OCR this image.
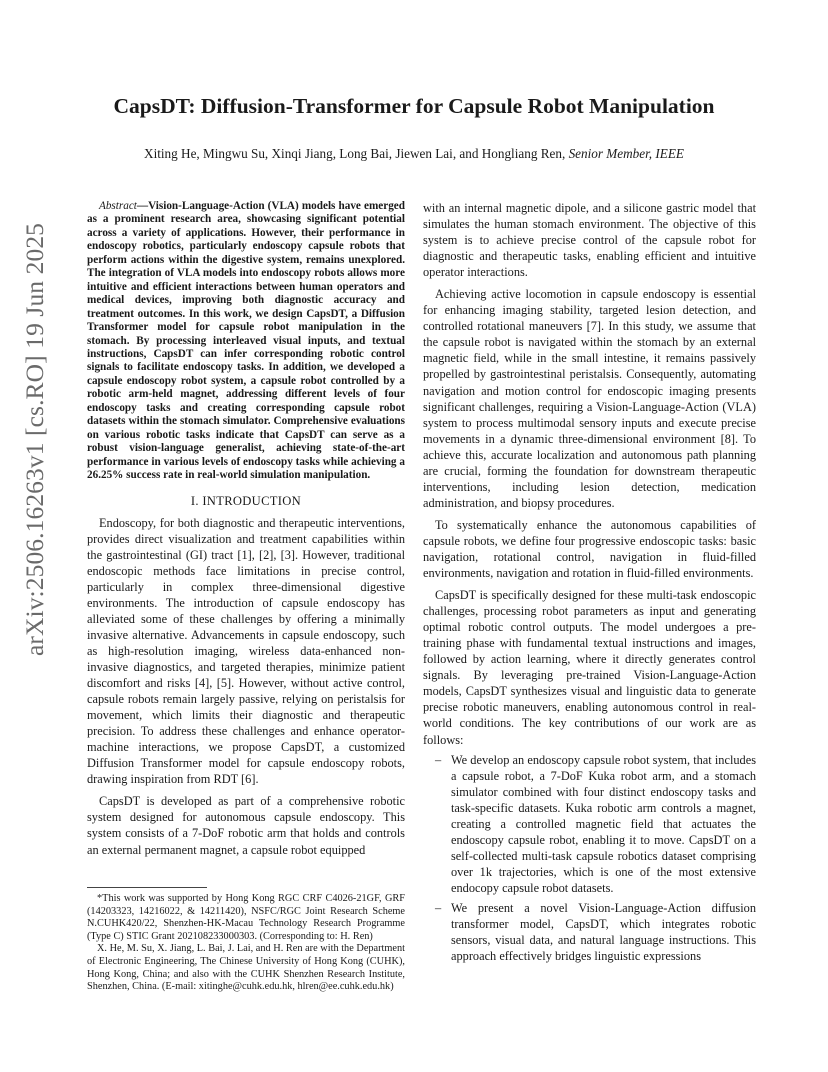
arXiv:2506.16263v1 [cs.RO] 19 Jun 2025
CapsDT: Diffusion-Transformer for Capsule Robot Manipulation

Xiting He, Mingwu Su, Xinqi Jiang, Long Bai, Jiewen Lai, and Hongliang Ren, Senior Member, IEEE

Abstract—Vision-Language-Action (VLA) models have emerged as a prominent research area, showcasing significant potential across a variety of applications. However, their performance in endoscopy robotics, particularly endoscopy capsule robots that perform actions within the digestive system, remains unexplored. The integration of VLA models into endoscopy robots allows more intuitive and efficient interactions between human operators and medical devices, improving both diagnostic accuracy and treatment outcomes. In this work, we design CapsDT, a Diffusion Transformer model for capsule robot manipulation in the stomach. By processing interleaved visual inputs, and textual instructions, CapsDT can infer corresponding robotic control signals to facilitate endoscopy tasks. In addition, we developed a capsule endoscopy robot system, a capsule robot controlled by a robotic arm-held magnet, addressing different levels of four endoscopy tasks and creating corresponding capsule robot datasets within the stomach simulator. Comprehensive evaluations on various robotic tasks indicate that CapsDT can serve as a robust vision-language generalist, achieving state-of-the-art performance in various levels of endoscopy tasks while achieving a 26.25% success rate in real-world simulation manipulation.

I. INTRODUCTION

Endoscopy, for both diagnostic and therapeutic interventions, provides direct visualization and treatment capabilities within the gastrointestinal (GI) tract [1], [2], [3]. However, traditional endoscopic methods face limitations in precise control, particularly in complex three-dimensional digestive environments. The introduction of capsule endoscopy has alleviated some of these challenges by offering a minimally invasive alternative. Advancements in capsule endoscopy, such as high-resolution imaging, wireless data-enhanced non-invasive diagnostics, and targeted therapies, minimize patient discomfort and risks [4], [5]. However, without active control, capsule robots remain largely passive, relying on peristalsis for movement, which limits their diagnostic and therapeutic precision. To address these challenges and enhance operator-machine interactions, we propose CapsDT, a customized Diffusion Transformer model for capsule endoscopy robots, drawing inspiration from RDT [6].

CapsDT is developed as part of a comprehensive robotic system designed for autonomous capsule endoscopy. This system consists of a 7-DoF robotic arm that holds and controls an external permanent magnet, a capsule robot equipped

*This work was supported by Hong Kong RGC CRF C4026-21GF, GRF (14203323, 14216022, & 14211420), NSFC/RGC Joint Research Scheme N.CUHK420/22, Shenzhen-HK-Macau Technology Research Programme (Type C) STIC Grant 202108233000303. (Corresponding to: H. Ren)

X. He, M. Su, X. Jiang, L. Bai, J. Lai, and H. Ren are with the Department of Electronic Engineering, The Chinese University of Hong Kong (CUHK), Hong Kong, China; and also with the CUHK Shenzhen Research Institute, Shenzhen, China. (E-mail: xitinghe@cuhk.edu.hk, hlren@ee.cuhk.edu.hk)

with an internal magnetic dipole, and a silicone gastric model that simulates the human stomach environment. The objective of this system is to achieve precise control of the capsule robot for diagnostic and therapeutic tasks, enabling efficient and intuitive operator interactions.

Achieving active locomotion in capsule endoscopy is essential for enhancing imaging stability, targeted lesion detection, and controlled rotational maneuvers [7]. In this study, we assume that the capsule robot is navigated within the stomach by an external magnetic field, while in the small intestine, it remains passively propelled by gastrointestinal peristalsis. Consequently, automating navigation and motion control for endoscopic imaging presents significant challenges, requiring a Vision-Language-Action (VLA) system to process multimodal sensory inputs and execute precise movements in a dynamic three-dimensional environment [8]. To achieve this, accurate localization and autonomous path planning are crucial, forming the foundation for downstream therapeutic interventions, including lesion detection, medication administration, and biopsy procedures.

To systematically enhance the autonomous capabilities of capsule robots, we define four progressive endoscopic tasks: basic navigation, rotational control, navigation in fluid-filled environments, navigation and rotation in fluid-filled environments.

CapsDT is specifically designed for these multi-task endoscopic challenges, processing robot parameters as input and generating optimal robotic control outputs. The model undergoes a pre-training phase with fundamental textual instructions and images, followed by action learning, where it directly generates control signals. By leveraging pre-trained Vision-Language-Action models, CapsDT synthesizes visual and linguistic data to generate precise robotic maneuvers, enabling autonomous control in real-world conditions. The key contributions of our work are as follows:

– We develop an endoscopy capsule robot system, that includes a capsule robot, a 7-DoF Kuka robot arm, and a stomach simulator combined with four distinct endoscopy tasks and task-specific datasets. Kuka robotic arm controls a magnet, creating a controlled magnetic field that actuates the endoscopy capsule robot, enabling it to move. CapsDT on a self-collected multi-task capsule robotics dataset comprising over 1k trajectories, which is one of the most extensive endocopy capsule robot datasets.
– We present a novel Vision-Language-Action diffusion transformer model, CapsDT, which integrates robotic sensors, visual data, and natural language instructions. This approach effectively bridges linguistic expressions
